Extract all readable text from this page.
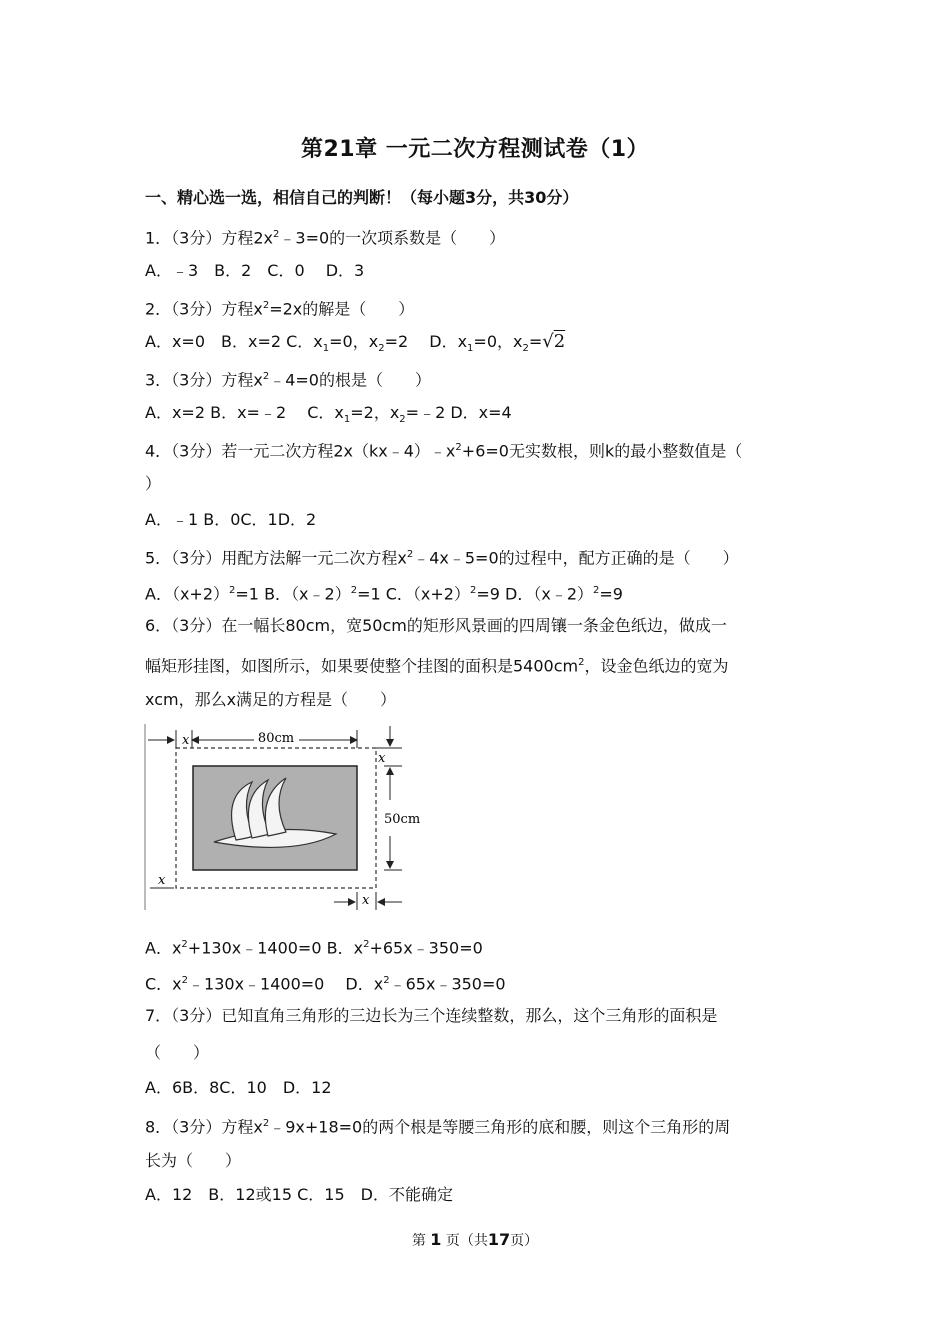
第21章 一元二次方程测试卷（1）
一、精心选一选，相信自己的判断！（每小题3分，共30分）
1．（3分）方程$2x^2﹣3=0$的一次项系数是（　　）
A．﹣3　B．2　C．0　 D．3
2．（3分）方程$x^2=2x$的解是（　　）
A．x=0　B．x=2 C．$x_1=0$，$x_2=2$　 D．$x_1=0$，$x_2=√2$
3．（3分）方程$x^2﹣4=0$的根是（　　）
A．x=2 B．x=﹣2　 C．$x_1=2$，$x_2=﹣2$ D．x=4
4．（3分）若一元二次方程$2x(kx﹣4)﹣x^2+6=0$无实数根，则k的最小整数值是（
）
A．﹣1 B．0C．1D．2
5．（3分）用配方法解一元二次方程$x^2﹣4x﹣5=0$的过程中，配方正确的是（　　）
A．$(x+2)^2=1$ B．（x﹣2）$^2$=1 C．$(x+2)^2=9$ D．（x﹣2）$^2$=9
6．（3分）在一幅长80cm，宽50cm的矩形风景画的四周镶一条金色纸边，做成一
幅矩形挂图，如图所示，如果要使整个挂图的面积是$5400cm^2$，设金色纸边的宽为
xcm，那么x满足的方程是（　　）
80cm
x
x
50cm
x
x
A．$x^2+130x﹣1400=0$ B．$x^2+65x﹣350=0$
C．$x^2﹣130x﹣1400=0$　 D．$x^2﹣65x﹣350=0$
7．（3分）已知直角三角形的三边长为三个连续整数，那么，这个三角形的面积是
（　　）
A．6B．8C．10　D．12
8．（3分）方程$x^2﹣9x+18=0$的两个根是等腰三角形的底和腰，则这个三角形的周
长为（　　）
A．12　B．12或15 C．15　D．不能确定
第 1 页（共17页）
